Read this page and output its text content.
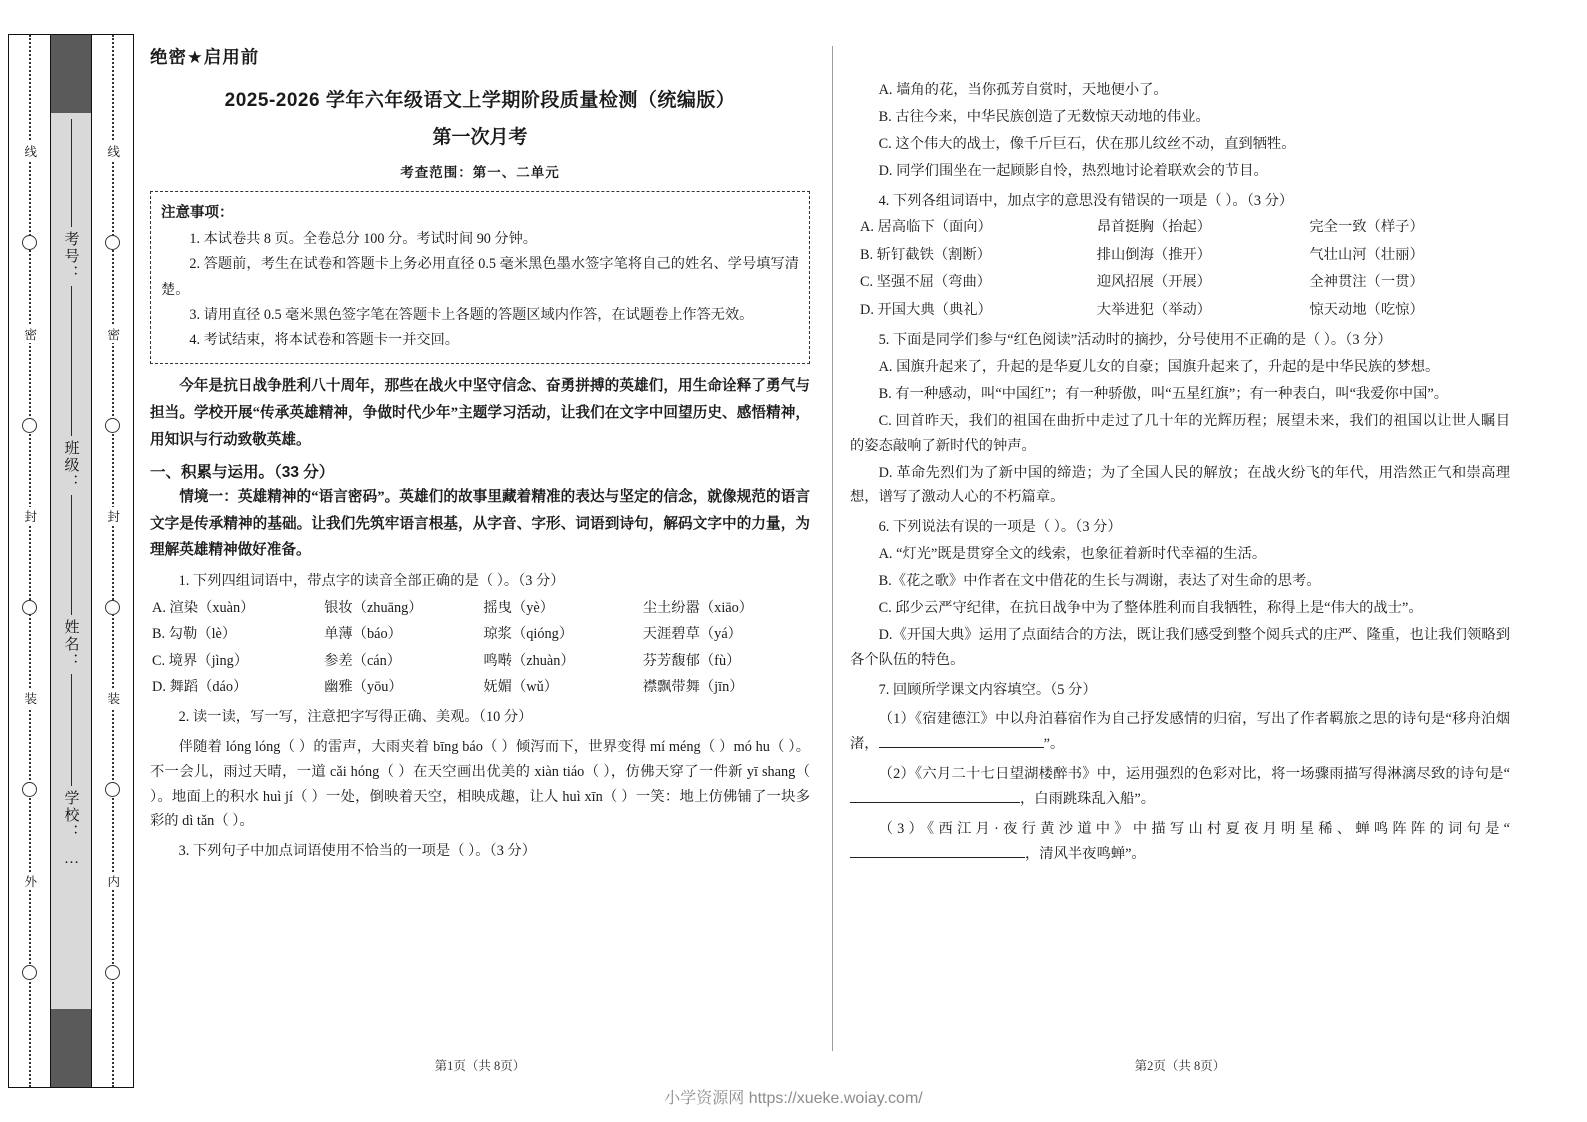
线
密
封
装
外
考号：
班级：
姓名：
学校：
…
线
密
封
装
内
绝密★启用前
2025-2026 学年六年级语文上学期阶段质量检测（统编版）
第一次月考
考查范围：第一、二单元
注意事项：

1. 本试卷共 8 页。全卷总分 100 分。考试时间 90 分钟。

2. 答题前，考生在试卷和答题卡上务必用直径 0.5 毫米黑色墨水签字笔将自己的姓名、学号填写清楚。

3. 请用直径 0.5 毫米黑色签字笔在答题卡上各题的答题区域内作答，在试题卷上作答无效。

4. 考试结束，将本试卷和答题卡一并交回。

今年是抗日战争胜利八十周年，那些在战火中坚守信念、奋勇拼搏的英雄们，用生命诠释了勇气与担当。学校开展“传承英雄精神，争做时代少年”主题学习活动，让我们在文字中回望历史、感悟精神，用知识与行动致敬英雄。

一、积累与运用。（33 分）

情境一：英雄精神的“语言密码”。英雄们的故事里藏着精准的表达与坚定的信念，就像规范的语言文字是传承精神的基础。让我们先筑牢语言根基，从字音、字形、词语到诗句，解码文字中的力量，为理解英雄精神做好准备。

1. 下列四组词语中，带点字的读音全部正确的是（ ）。（3 分）

A. 渲染（xuàn）	银妆（zhuāng）	摇曳（yè）	尘土纷嚣（xiāo）
B. 勾勒（lè）	单薄（báo）	琼浆（qióng）	天涯碧草（yá）
C. 境界（jìng）	参差（cán）	鸣啭（zhuàn）	芬芳馥郁（fù）
D. 舞蹈（dáo）	幽雅（yōu）	妩媚（wǔ）	襟飘带舞（jīn）

2. 读一读，写一写，注意把字写得正确、美观。（10 分）

伴随着 lóng lóng（ ）的雷声，大雨夹着 bīng báo（ ）倾泻而下，世界变得 mí méng（ ）mó hu（ ）。不一会儿，雨过天晴，一道 cǎi hóng（ ）在天空画出优美的 xiàn tiáo（ ），仿佛天穿了一件新 yī shang（ ）。地面上的积水 huì jí（ ）一处，倒映着天空，相映成趣，让人 huì xīn（ ）一笑：地上仿佛铺了一块多彩的 dì tǎn（ ）。

3. 下列句子中加点词语使用不恰当的一项是（ ）。（3 分）

第1页（共 8页）

A. 墙角的花，当你孤芳自赏时，天地便小了。

B. 古往今来，中华民族创造了无数惊天动地的伟业。

C. 这个伟大的战士，像千斤巨石，伏在那儿纹丝不动，直到牺牲。

D. 同学们围坐在一起顾影自怜，热烈地讨论着联欢会的节目。

4. 下列各组词语中，加点字的意思没有错误的一项是（ ）。（3 分）

A. 居高临下（面向）	昂首挺胸（抬起）	完全一致（样子）
B. 斩钉截铁（割断）	排山倒海（推开）	气壮山河（壮丽）
C. 坚强不屈（弯曲）	迎风招展（开展）	全神贯注（一贯）
D. 开国大典（典礼）	大举进犯（举动）	惊天动地（吃惊）

5. 下面是同学们参与“红色阅读”活动时的摘抄，分号使用不正确的是（ ）。（3 分）

A. 国旗升起来了，升起的是华夏儿女的自豪；国旗升起来了，升起的是中华民族的梦想。

B. 有一种感动，叫“中国红”；有一种骄傲，叫“五星红旗”；有一种表白，叫“我爱你中国”。

C. 回首昨天，我们的祖国在曲折中走过了几十年的光辉历程；展望未来，我们的祖国以让世人瞩目的姿态敲响了新时代的钟声。

D. 革命先烈们为了新中国的缔造；为了全国人民的解放；在战火纷飞的年代，用浩然正气和崇高理想，谱写了激动人心的不朽篇章。

6. 下列说法有误的一项是（ ）。（3 分）

A. “灯光”既是贯穿全文的线索，也象征着新时代幸福的生活。

B.《花之歌》中作者在文中借花的生长与凋谢，表达了对生命的思考。

C. 邱少云严守纪律，在抗日战争中为了整体胜利而自我牺牲，称得上是“伟大的战士”。

D.《开国大典》运用了点面结合的方法，既让我们感受到整个阅兵式的庄严、隆重，也让我们领略到各个队伍的特色。

7. 回顾所学课文内容填空。（5 分）

（1）《宿建德江》中以舟泊暮宿作为自己抒发感情的归宿，写出了作者羁旅之思的诗句是“移舟泊烟渚，	”。

（2）《六月二十七日望湖楼醉书》中，运用强烈的色彩对比，将一场骤雨描写得淋漓尽致的诗句是“，白雨跳珠乱入船”。

（3）《西江月·夜行黄沙道中》中描写山村夏夜月明星稀、蝉鸣阵阵的词句是“，清风半夜鸣蝉”。

第2页（共 8页）
小学资源网 https://xueke.woiay.com/
